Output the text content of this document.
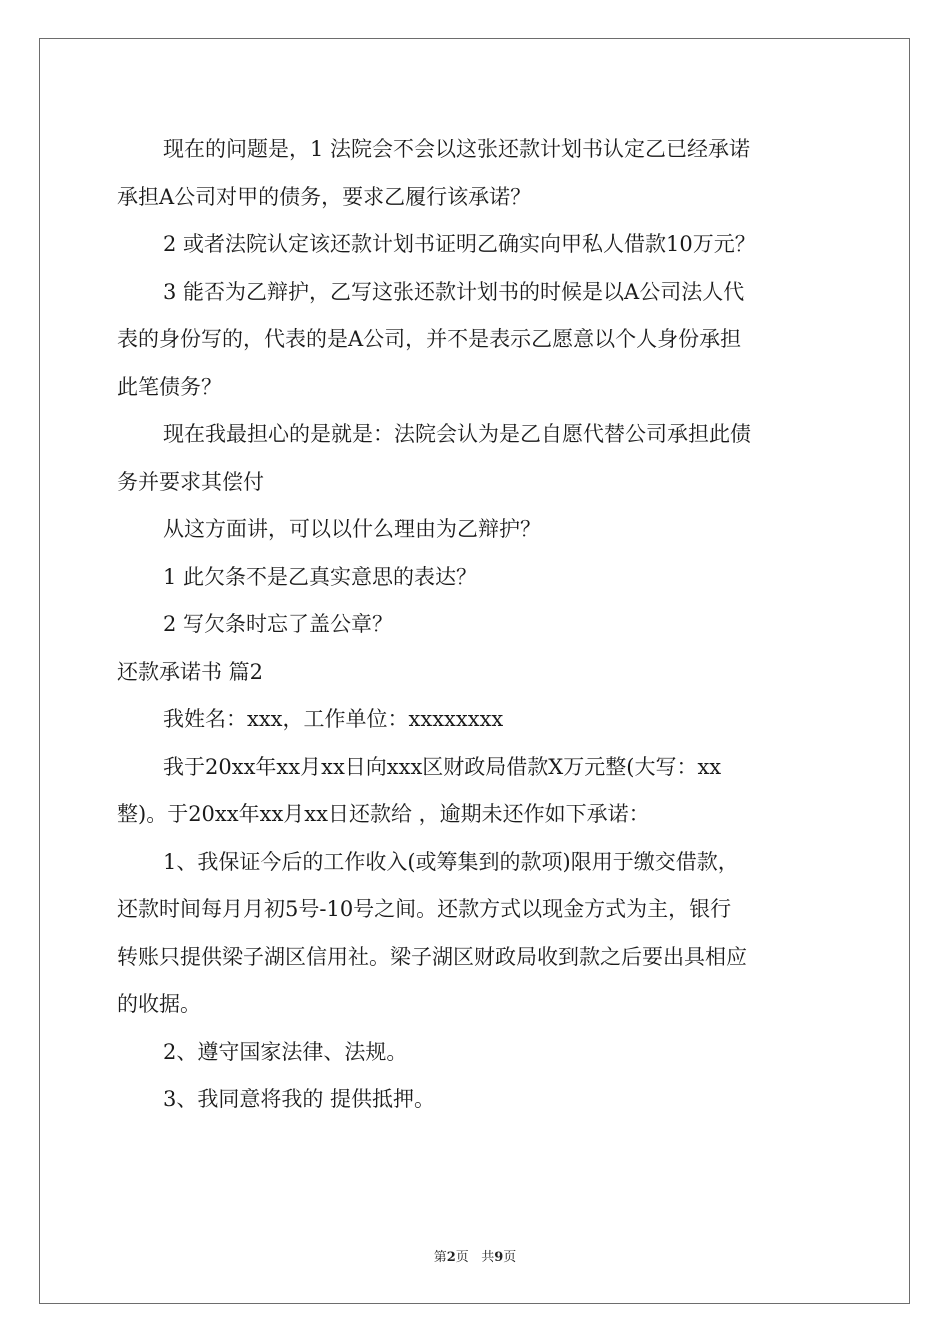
现在的问题是，1 法院会不会以这张还款计划书认定乙已经承诺
承担A公司对甲的债务，要求乙履行该承诺？
2 或者法院认定该还款计划书证明乙确实向甲私人借款10万元？
3 能否为乙辩护，乙写这张还款计划书的时候是以A公司法人代
表的身份写的，代表的是A公司，并不是表示乙愿意以个人身份承担
此笔债务？
现在我最担心的是就是：法院会认为是乙自愿代替公司承担此债
务并要求其偿付
从这方面讲，可以以什么理由为乙辩护？
1 此欠条不是乙真实意思的表达？
2 写欠条时忘了盖公章？
还款承诺书 篇2
我姓名：xxx，工作单位：xxxxxxxx
我于20xx年xx月xx日向xxx区财政局借款X万元整(大写：xx
整)。于20xx年xx月xx日还款给 ，逾期未还作如下承诺：
1、我保证今后的工作收入(或筹集到的款项)限用于缴交借款，
还款时间每月月初5号-10号之间。还款方式以现金方式为主，银行
转账只提供梁子湖区信用社。梁子湖区财政局收到款之后要出具相应
的收据。
2、遵守国家法律、法规。
3、我同意将我的 提供抵押。
第2页 共9页
